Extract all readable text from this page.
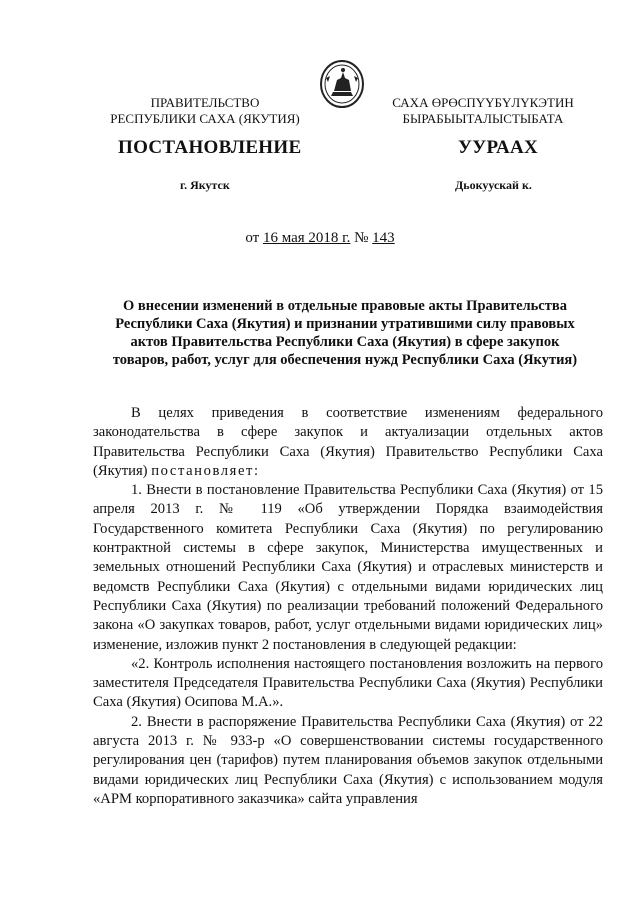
ПРАВИТЕЛЬСТВО
РЕСПУБЛИКИ САХА (ЯКУТИЯ)
САХА ӨРӨСПҮҮБҮЛҮКЭТИН
БЫРАБЫЫТАЛЫСТЫБАТА
ПОСТАНОВЛЕНИЕ	УУРААХ
г. Якутск	Дьокуускай к.
от 16 мая 2018 г. № 143
О внесении изменений в отдельные правовые акты Правительства
Республики Саха (Якутия) и признании утратившими силу правовых
актов Правительства Республики Саха (Якутия) в сфере закупок
товаров, работ, услуг для обеспечения нужд Республики Саха (Якутия)

В целях приведения в соответствие изменениям федерального законодательства в сфере закупок и актуализации отдельных актов Правительства Республики Саха (Якутия) Правительство Республики Саха (Якутия) постановляет:

1. Внести в постановление Правительства Республики Саха (Якутия) от 15 апреля 2013 г. № 119 «Об утверждении Порядка взаимодействия Государственного комитета Республики Саха (Якутия) по регулированию контрактной системы в сфере закупок, Министерства имущественных и земельных отношений Республики Саха (Якутия) и отраслевых министерств и ведомств Республики Саха (Якутия) с отдельными видами юридических лиц Республики Саха (Якутия) по реализации требований положений Федерального закона «О закупках товаров, работ, услуг отдельными видами юридических лиц» изменение, изложив пункт 2 постановления в следующей редакции:

«2. Контроль исполнения настоящего постановления возложить на первого заместителя Председателя Правительства Республики Саха (Якутия) Республики Саха (Якутия) Осипова М.А.».

2. Внести в распоряжение Правительства Республики Саха (Якутия) от 22 августа 2013 г. № 933-р «О совершенствовании системы государственного регулирования цен (тарифов) путем планирования объемов закупок отдельными видами юридических лиц Республики Саха (Якутия) с использованием модуля «АРМ корпоративного заказчика» сайта управления
